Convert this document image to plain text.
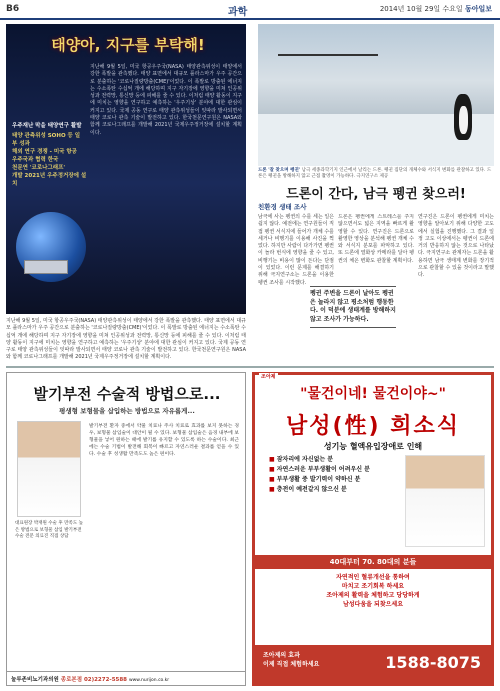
B6	과학	2014년 10월 29일 수요일 동아일보
태양아, 지구를 부탁해!
우주재난 막을 태양연구 활발
태양 관측위성 SOHO 등 일
부 성과
해외 연구 경쟁 - 미국 항공
우주국과 협력 한국
천문연 '코로나그래프'
개발 2021년 우주정거장에 설치
지난해 9월 5일, 미국 항공우주국(NASA) 태양관측위성이 태양에서 강한 폭발을 관측했다. 태양 표면에서 대규모 플라스마가 우주 공간으로 분출하는 '코로나질량방출(CME)'이었다. 이 폭발로 방출된 에너지는 수소폭탄 수십억 개에 해당하며 지구 자기장에 영향을 미쳐 인공위성과 전력망, 통신망 등에 피해를 줄 수 있다. 이처럼 태양 활동이 지구에 미치는 영향을 연구하고 예측하는 '우주기상' 분야에 대한 관심이 커지고 있다. 국제 공동 연구로 태양 관측위성들이 잇따라 발사되면서 태양 코로나 관측 기술이 발전하고 있다. 한국천문연구원은 NASA와 함께 코로나그래프를 개발해 2021년 국제우주정거장에 설치할 계획이다.
지난해 9월 5일, 미국 항공우주국(NASA) 태양관측위성이 태양에서 강한 폭발을 관측했다. 태양 표면에서 대규모 플라스마가 우주 공간으로 분출하는 '코로나질량방출(CME)'이었다. 이 폭발로 방출된 에너지는 수소폭탄 수십억 개에 해당하며 지구 자기장에 영향을 미쳐 인공위성과 전력망, 통신망 등에 피해를 줄 수 있다. 이처럼 태양 활동이 지구에 미치는 영향을 연구하고 예측하는 '우주기상' 분야에 대한 관심이 커지고 있다. 국제 공동 연구로 태양 관측위성들이 잇따라 발사되면서 태양 코로나 관측 기술이 발전하고 있다. 한국천문연구원은 NASA와 함께 코로나그래프를 개발해 2021년 국제우주정거장에 설치할 계획이다.
드론 '잘 찾으며 펭귄' 남극 세종과학기지 인근에서 날리는 드론. 펭귄 집단의 개체수와 서식지 변화를 관찰하고 있다. 드론은 펭귄을 방해하지 않고 근접 촬영이 가능하다. 극지연구소 제공
드론이 간다, 남극 펭귄 찾으러!
친환경 생태 조사
남극에 사는 펭귄의 수를 세는 일은 쉽지 않다. 예전에는 연구원들이 직접 펭귄 서식지에 들어가 개체 수를 세거나 비행기를 이용해 사진을 찍었다. 하지만 사람이 다가가면 펭귄이 놀라 번식에 영향을 줄 수 있고, 비행기는 비용이 많이 든다는 단점이 있었다. 이런 문제를 해결하기 위해 극지연구소는 드론을 이용한 펭귄 조사를 시작했다.
드론은 펭귄에게 스트레스를 주지 않으면서도 넓은 지역을 빠르게 촬영할 수 있다. 연구진은 드론으로 촬영한 영상을 분석해 펭귄 개체 수와 서식지 분포를 파악하고 있다. 또 드론에 열화상 카메라를 달아 펭귄의 체온 변화도 관찰할 계획이다.
펭귄 주변을 드론이 날아도 펭귄은 놀라지 않고 평소처럼 행동한다. 이 덕분에 생태계를 방해하지 않고 조사가 가능하다.
연구진은 드론이 펭귄에게 미치는 영향을 알아보기 위해 다양한 고도에서 실험을 진행했다. 그 결과 일정 고도 이상에서는 펭귄이 드론에 거의 반응하지 않는 것으로 나타났다. 극지연구소 관계자는 드론을 활용하면 남극 생태계 변화를 장기적으로 관찰할 수 있을 것이라고 말했다.
발기부전 수술적 방법으로...
평생형 보형물을 삽입하는 방법으로 자유롭게...
대표원장 박재원 수술 후 만족도 높은 방법으로 보형물 삽입 발기부전 수술 전문 의료진 직접 상담
발기부전 환자 중에서 약물 치료나 주사 치료로 효과를 보지 못하는 경우, 보형물 삽입술이 대안이 될 수 있다. 보형물 삽입술은 음경 내부에 보형물을 넣어 원하는 때에 발기를 유지할 수 있도록 하는 수술이다. 최근에는 수술 기법이 발전해 회복이 빠르고 자연스러운 결과를 얻을 수 있다. 수술 후 성생활 만족도도 높은 편이다.
눌루존비뇨기과의원 종로본점 02)2272-5588 www.nurijon.co.kr
조아제
"물건이네! 물건이야~"
남성(性) 희소식
성기능 혈액유입장애로 인해
■ 잠자리에 자신없는 분
■ 자연스러운 부부생활이 어려우신 분
■ 부부생활 중 발기력이 약하신 분
■ 충전이 예전같지 않으신 분
40대부터 70. 80대의 분들
자연적인 혈류개선을 통하여
마치고 조기회복 하세요
조아제의 활력을 체험하고 당당하게
남성다움을 되찾으세요
조아제의 효과
이제 직접 체험하세요	1588-8075
